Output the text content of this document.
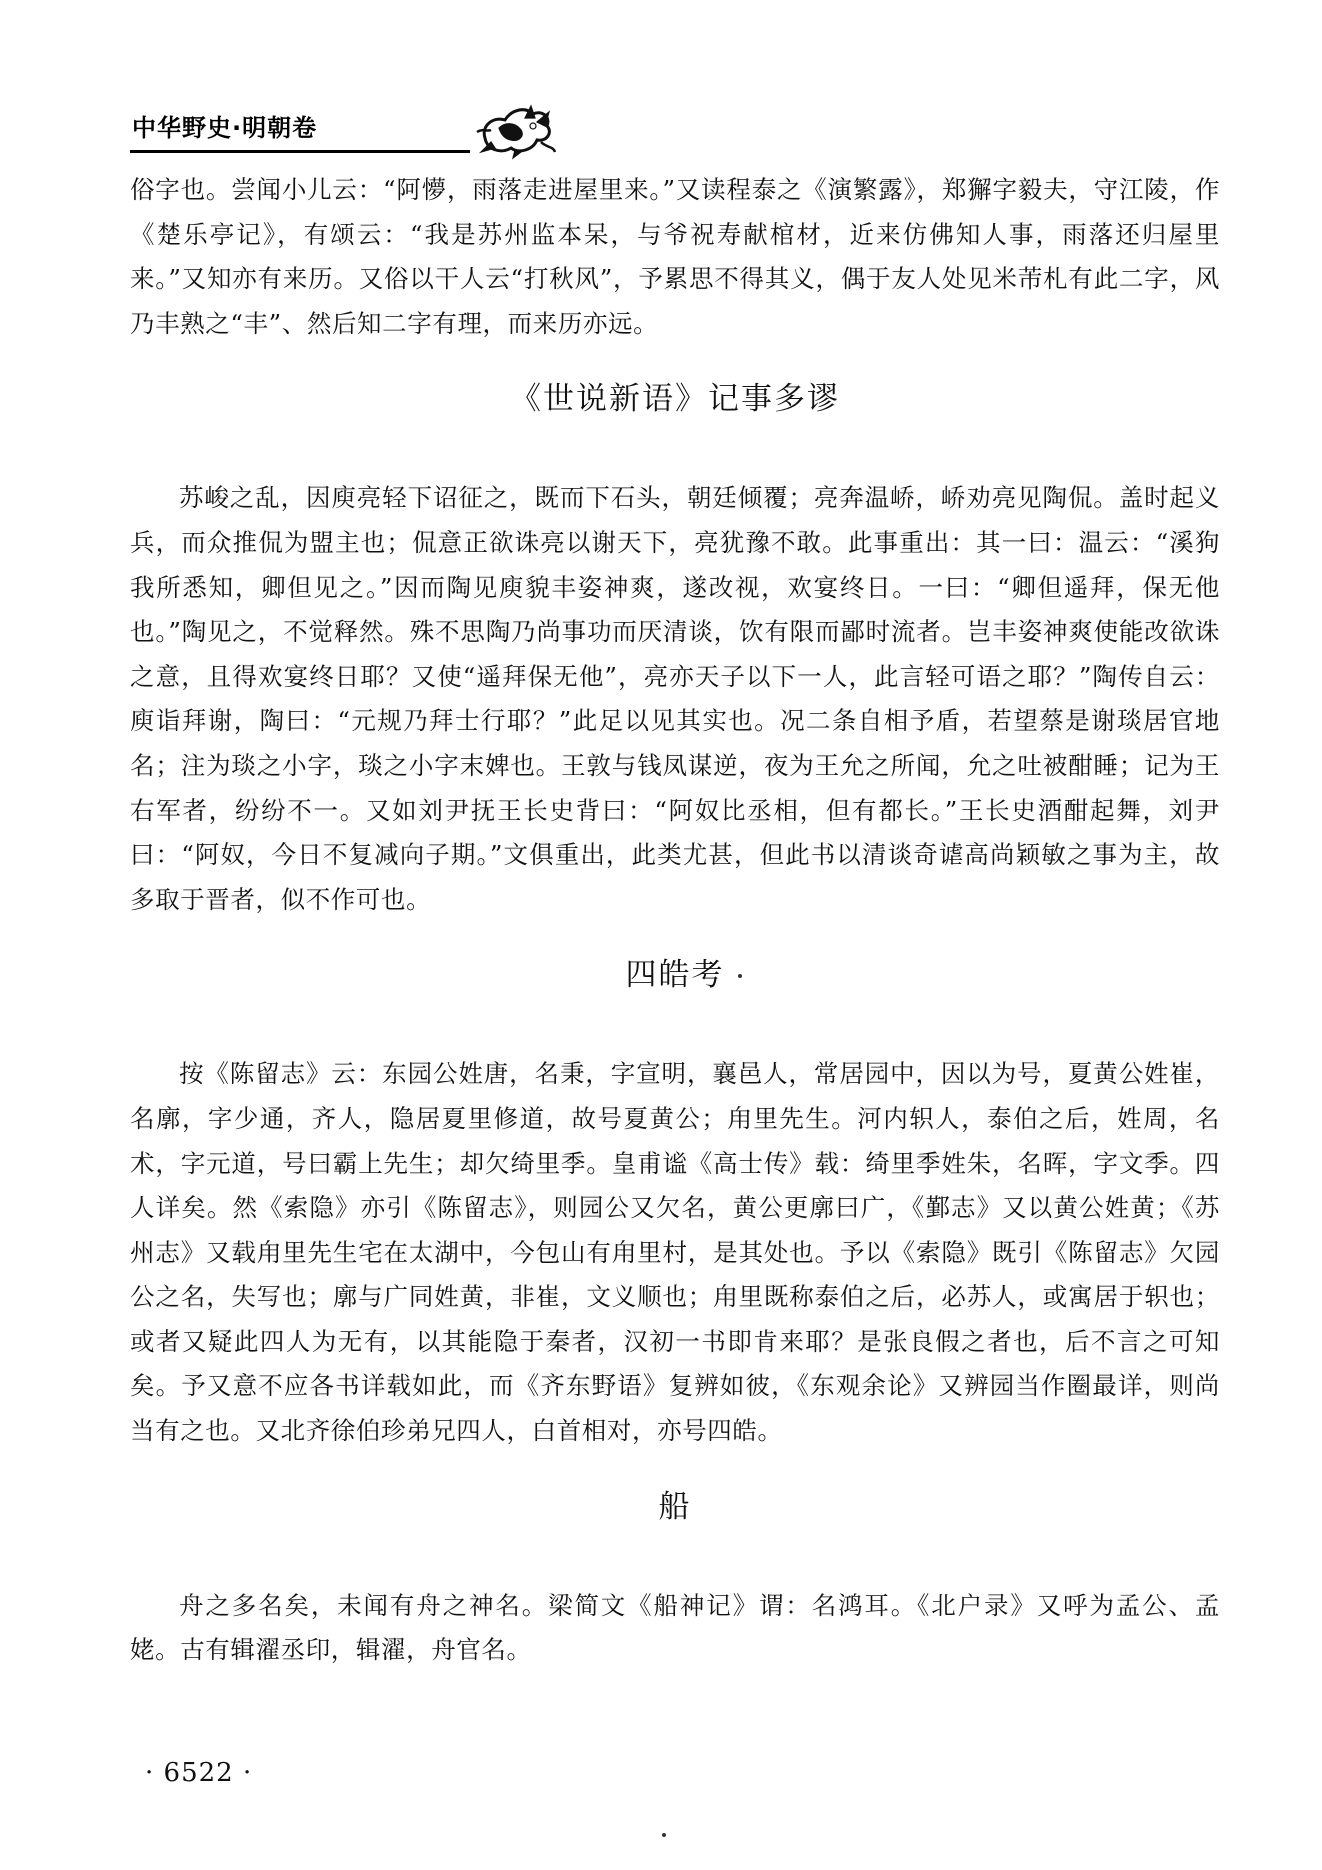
中华野史·明朝卷

俗字也。尝闻小儿云：“阿懜，雨落走进屋里来。”又读程泰之《演繁露》，郑獬字毅夫，守江陵，作《楚乐亭记》，有颂云：“我是苏州监本呆，与爷祝寿献棺材，近来仿佛知人事，雨落还归屋里来。”又知亦有来历。又俗以干人云“打秋风”，予累思不得其义，偶于友人处见米芾札有此二字，风乃丰熟之“丰”、然后知二字有理，而来历亦远。

《世说新语》记事多谬

苏峻之乱，因庾亮轻下诏征之，既而下石头，朝廷倾覆；亮奔温峤，峤劝亮见陶侃。盖时起义兵，而众推侃为盟主也；侃意正欲诛亮以谢天下，亮犹豫不敢。此事重出：其一曰：温云：“溪狗我所悉知，卿但见之。”因而陶见庾貌丰姿神爽，遂改视，欢宴终日。一曰：“卿但遥拜，保无他也。”陶见之，不觉释然。殊不思陶乃尚事功而厌清谈，饮有限而鄙时流者。岂丰姿神爽使能改欲诛之意，且得欢宴终日耶？又使“遥拜保无他”，亮亦天子以下一人，此言轻可语之耶？”陶传自云：庾诣拜谢，陶曰：“元规乃拜士行耶？”此足以见其实也。况二条自相予盾，若望蔡是谢琰居官地名；注为琰之小字，琰之小字末婢也。王敦与钱凤谋逆，夜为王允之所闻，允之吐被酣睡；记为王右军者，纷纷不一。又如刘尹抚王长史背曰：“阿奴比丞相，但有都长。”王长史酒酣起舞，刘尹曰：“阿奴，今日不复减向子期。”文俱重出，此类尤甚，但此书以清谈奇谑高尚颖敏之事为主，故多取于晋者，似不作可也。

四皓考

按《陈留志》云：东园公姓唐，名秉，字宣明，襄邑人，常居园中，因以为号，夏黄公姓崔，名廓，字少通，齐人，隐居夏里修道，故号夏黄公；甪里先生。河内轵人，泰伯之后，姓周，名术，字元道，号曰霸上先生；却欠绮里季。皇甫谧《高士传》载：绮里季姓朱，名晖，字文季。四人详矣。然《索隐》亦引《陈留志》，则园公又欠名，黄公更廓曰广，《鄞志》又以黄公姓黄；《苏州志》又载甪里先生宅在太湖中，今包山有甪里村，是其处也。予以《索隐》既引《陈留志》欠园公之名，失写也；廓与广同姓黄，非崔，文义顺也；甪里既称泰伯之后，必苏人，或寓居于轵也；或者又疑此四人为无有，以其能隐于秦者，汉初一书即肯来耶？是张良假之者也，后不言之可知矣。予又意不应各书详载如此，而《齐东野语》复辨如彼，《东观余论》又辨园当作圈最详，则尚当有之也。又北齐徐伯珍弟兄四人，白首相对，亦号四皓。

船

舟之多名矣，未闻有舟之神名。梁简文《船神记》谓：名鸿耳。《北户录》又呼为孟公、孟姥。古有辑濯丞印，辑濯，舟官名。

· 6522 ·
